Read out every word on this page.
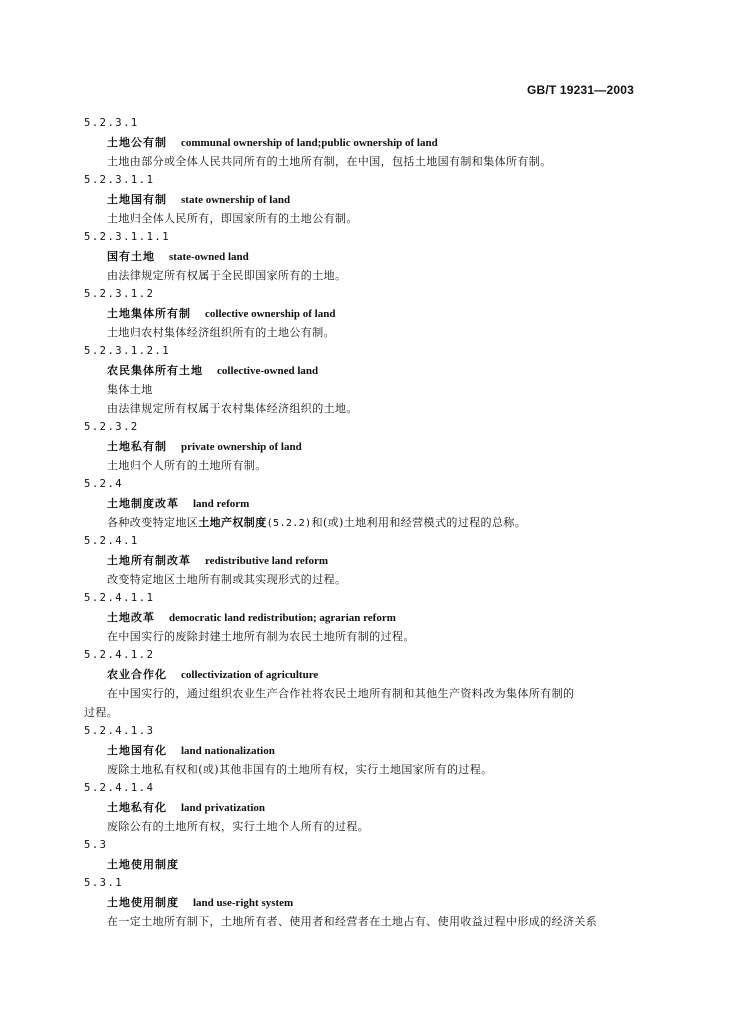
GB/T 19231—2003
5.2.3.1
土地公有制 communal ownership of land;public ownership of land
土地由部分或全体人民共同所有的土地所有制，在中国，包括土地国有制和集体所有制。
5.2.3.1.1
土地国有制 state ownership of land
土地归全体人民所有，即国家所有的土地公有制。
5.2.3.1.1.1
国有土地 state-owned land
由法律规定所有权属于全民即国家所有的土地。
5.2.3.1.2
土地集体所有制 collective ownership of land
土地归农村集体经济组织所有的土地公有制。
5.2.3.1.2.1
农民集体所有土地 collective-owned land
集体土地
由法律规定所有权属于农村集体经济组织的土地。
5.2.3.2
土地私有制 private ownership of land
土地归个人所有的土地所有制。
5.2.4
土地制度改革 land reform
各种改变特定地区土地产权制度(5.2.2)和(或)土地利用和经营模式的过程的总称。
5.2.4.1
土地所有制改革 redistributive land reform
改变特定地区土地所有制或其实现形式的过程。
5.2.4.1.1
土地改革 democratic land redistribution; agrarian reform
在中国实行的废除封建土地所有制为农民土地所有制的过程。
5.2.4.1.2
农业合作化 collectivization of agriculture
在中国实行的，通过组织农业生产合作社将农民土地所有制和其他生产资料改为集体所有制的
过程。
5.2.4.1.3
土地国有化 land nationalization
废除土地私有权和(或)其他非国有的土地所有权，实行土地国家所有的过程。
5.2.4.1.4
土地私有化 land privatization
废除公有的土地所有权，实行土地个人所有的过程。
5.3
土地使用制度
5.3.1
土地使用制度 land use-right system
在一定土地所有制下，土地所有者、使用者和经营者在土地占有、使用收益过程中形成的经济关系
